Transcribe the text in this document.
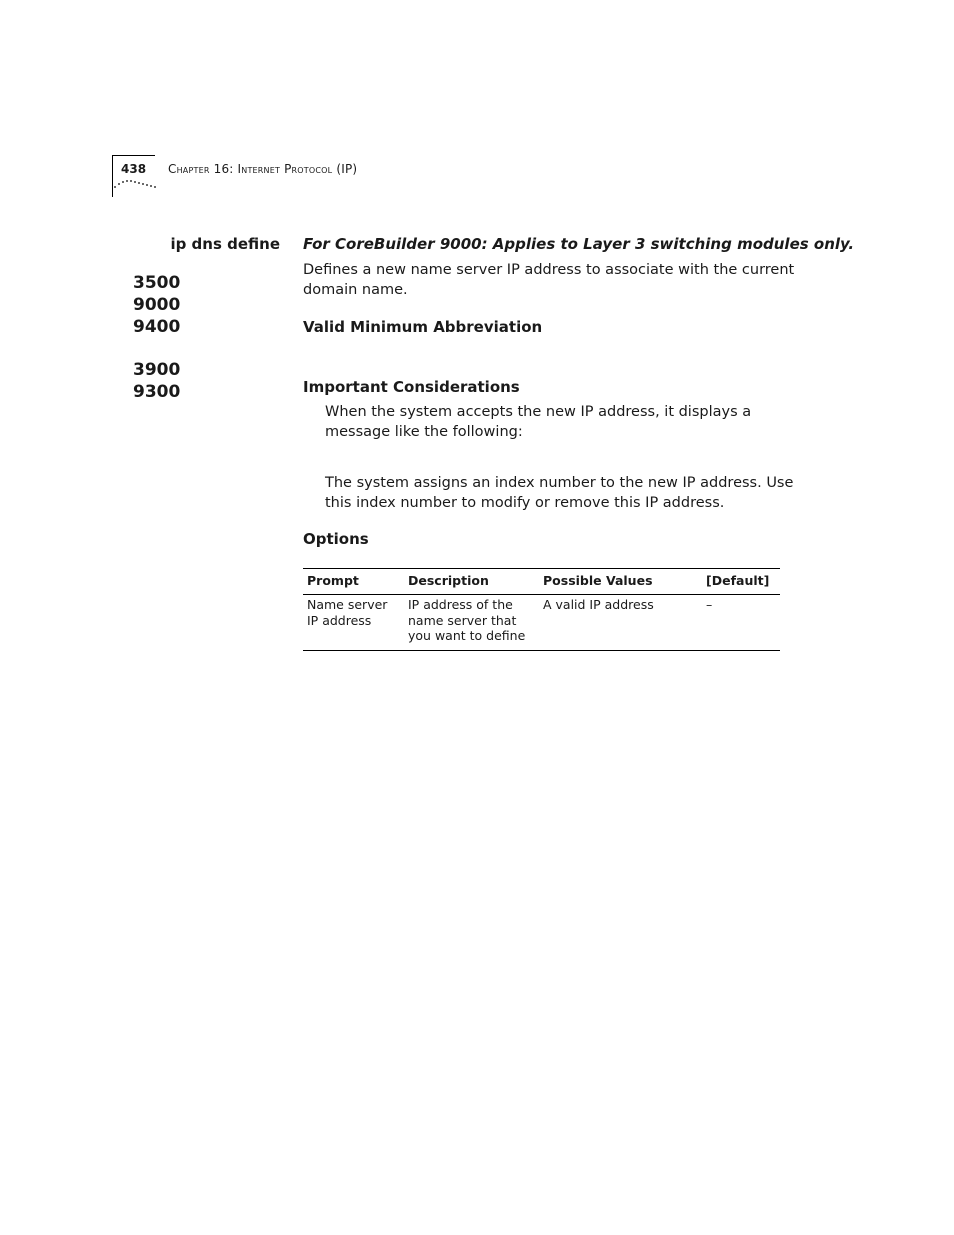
438 Chapter 16: Internet Protocol (IP)
ip dns define
3500
9000
9400
3900
9300

For CoreBuilder 9000: Applies to Layer 3 switching modules only.

Defines a new name server IP address to associate with the current domain name.

Valid Minimum Abbreviation

Important Considerations

When the system accepts the new IP address, it displays a message like the following:

The system assigns an index number to the new IP address. Use this index number to modify or remove this IP address.

Options

Prompt	Description	Possible Values	[Default]
Name server IP address	IP address of the name server that you want to define	A valid IP address	–
